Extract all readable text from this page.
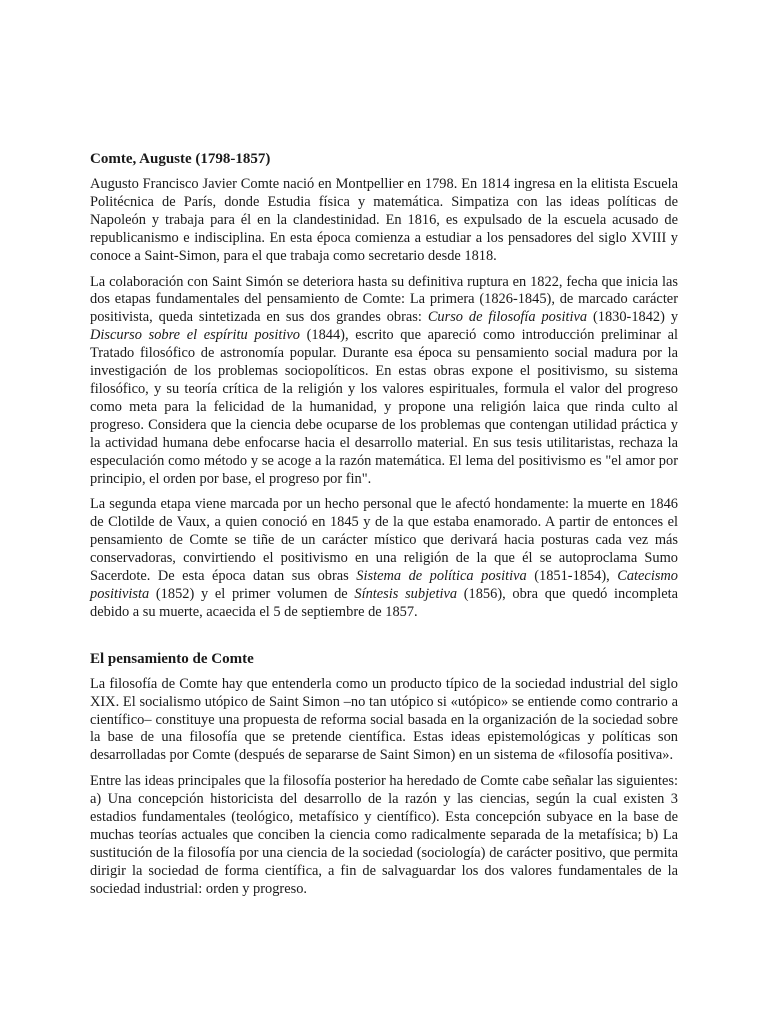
Comte, Auguste (1798-1857)

Augusto Francisco Javier Comte nació en Montpellier en 1798. En 1814 ingresa en la elitista Escuela Politécnica de París, donde Estudia física y matemática. Simpatiza con las ideas políticas de Napoleón y trabaja para él en la clandestinidad. En 1816, es expulsado de la escuela acusado de republicanismo e indisciplina. En esta época comienza a estudiar a los pensadores del siglo XVIII y conoce a Saint-Simon, para el que trabaja como secretario desde 1818.

La colaboración con Saint Simón se deteriora hasta su definitiva ruptura en 1822, fecha que inicia las dos etapas fundamentales del pensamiento de Comte: La primera (1826-1845), de marcado carácter positivista, queda sintetizada en sus dos grandes obras: Curso de filosofía positiva (1830-1842) y Discurso sobre el espíritu positivo (1844), escrito que apareció como introducción preliminar al Tratado filosófico de astronomía popular. Durante esa época su pensamiento social madura por la investigación de los problemas sociopolíticos. En estas obras expone el positivismo, su sistema filosófico, y su teoría crítica de la religión y los valores espirituales, formula el valor del progreso como meta para la felicidad de la humanidad, y propone una religión laica que rinda culto al progreso. Considera que la ciencia debe ocuparse de los problemas que contengan utilidad práctica y la actividad humana debe enfocarse hacia el desarrollo material. En sus tesis utilitaristas, rechaza la especulación como método y se acoge a la razón matemática. El lema del positivismo es "el amor por principio, el orden por base, el progreso por fin".

La segunda etapa viene marcada por un hecho personal que le afectó hondamente: la muerte en 1846 de Clotilde de Vaux, a quien conoció en 1845 y de la que estaba enamorado. A partir de entonces el pensamiento de Comte se tiñe de un carácter místico que derivará hacia posturas cada vez más conservadoras, convirtiendo el positivismo en una religión de la que él se autoproclama Sumo Sacerdote. De esta época datan sus obras Sistema de política positiva (1851-1854), Catecismo positivista (1852) y el primer volumen de Síntesis subjetiva (1856), obra que quedó incompleta debido a su muerte, acaecida el 5 de septiembre de 1857.

El pensamiento de Comte

La filosofía de Comte hay que entenderla como un producto típico de la sociedad industrial del siglo XIX. El socialismo utópico de Saint Simon –no tan utópico si «utópico» se entiende como contrario a científico– constituye una propuesta de reforma social basada en la organización de la sociedad sobre la base de una filosofía que se pretende científica. Estas ideas epistemológicas y políticas son desarrolladas por Comte (después de separarse de Saint Simon) en un sistema de «filosofía positiva».

Entre las ideas principales que la filosofía posterior ha heredado de Comte cabe señalar las siguientes: a) Una concepción historicista del desarrollo de la razón y las ciencias, según la cual existen 3 estadios fundamentales (teológico, metafísico y científico). Esta concepción subyace en la base de muchas teorías actuales que conciben la ciencia como radicalmente separada de la metafísica; b) La sustitución de la filosofía por una ciencia de la sociedad (sociología) de carácter positivo, que permita dirigir la sociedad de forma científica, a fin de salvaguardar los dos valores fundamentales de la sociedad industrial: orden y progreso.
